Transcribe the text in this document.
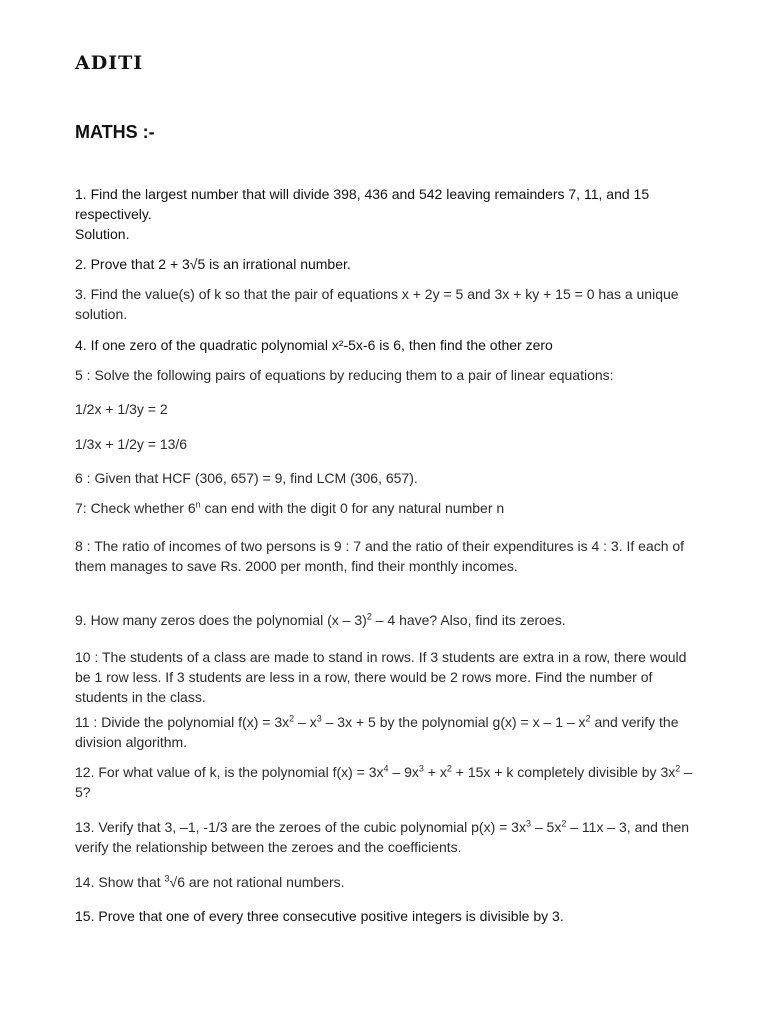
ADITI
MATHS :-

1. Find the largest number that will divide 398, 436 and 542 leaving remainders 7, 11, and 15 respectively.
Solution.

2. Prove that 2 + 3√5 is an irrational number.

3. Find the value(s) of k so that the pair of equations x + 2y = 5 and 3x + ky + 15 = 0 has a unique solution.

4. If one zero of the quadratic polynomial x²-5x-6 is 6, then find the other zero

5 : Solve the following pairs of equations by reducing them to a pair of linear equations:

1/2x + 1/3y = 2

1/3x + 1/2y = 13/6

6 : Given that HCF (306, 657) = 9, find LCM (306, 657).

7: Check whether 6$^n$ can end with the digit 0 for any natural number n

8 : The ratio of incomes of two persons is 9 : 7 and the ratio of their expenditures is 4 : 3. If each of them manages to save Rs. 2000 per month, find their monthly incomes.

9. How many zeros does the polynomial (x – 3)$^2$ – 4 have? Also, find its zeroes.

10 : The students of a class are made to stand in rows. If 3 students are extra in a row, there would be 1 row less. If 3 students are less in a row, there would be 2 rows more. Find the number of students in the class.

11 : Divide the polynomial $f(x) = 3x^2 - x^3 - 3x + 5$ by the polynomial $g(x) = x - 1 - x^2$ and verify the division algorithm.

12. For what value of k, is the polynomial $f(x) = 3x^4 - 9x^3 + x^2 + 15x + k$ completely divisible by $3x^2 - 5$?

13. Verify that 3, –1, -1/3 are the zeroes of the cubic polynomial $p(x) = 3x^3 - 5x^2 - 11x - 3$, and then verify the relationship between the zeroes and the coefficients.

14. Show that $^3$√6 are not rational numbers.

15. Prove that one of every three consecutive positive integers is divisible by 3.
